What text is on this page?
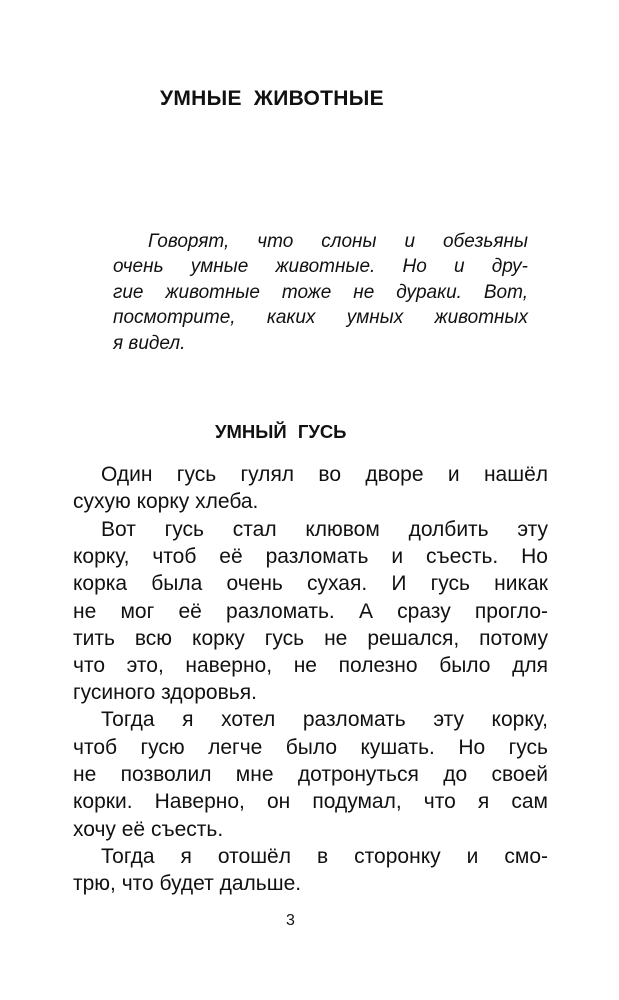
УМНЫЕ ЖИВОТНЫЕ
Говорят, что слоны и обезьяны
очень умные животные. Но и дру-
гие животные тоже не дураки. Вот,
посмотрите, каких умных животных
я видел.
УМНЫЙ ГУСЬ
Один гусь гулял во дворе и нашёл
сухую корку хлеба.
Вот гусь стал клювом долбить эту
корку, чтоб её разломать и съесть. Но
корка была очень сухая. И гусь никак
не мог её разломать. А сразу прогло-
тить всю корку гусь не решался, потому
что это, наверно, не полезно было для
гусиного здоровья.
Тогда я хотел разломать эту корку,
чтоб гусю легче было кушать. Но гусь
не позволил мне дотронуться до своей
корки. Наверно, он подумал, что я сам
хочу её съесть.
Тогда я отошёл в сторонку и смо-
трю, что будет дальше.
3
